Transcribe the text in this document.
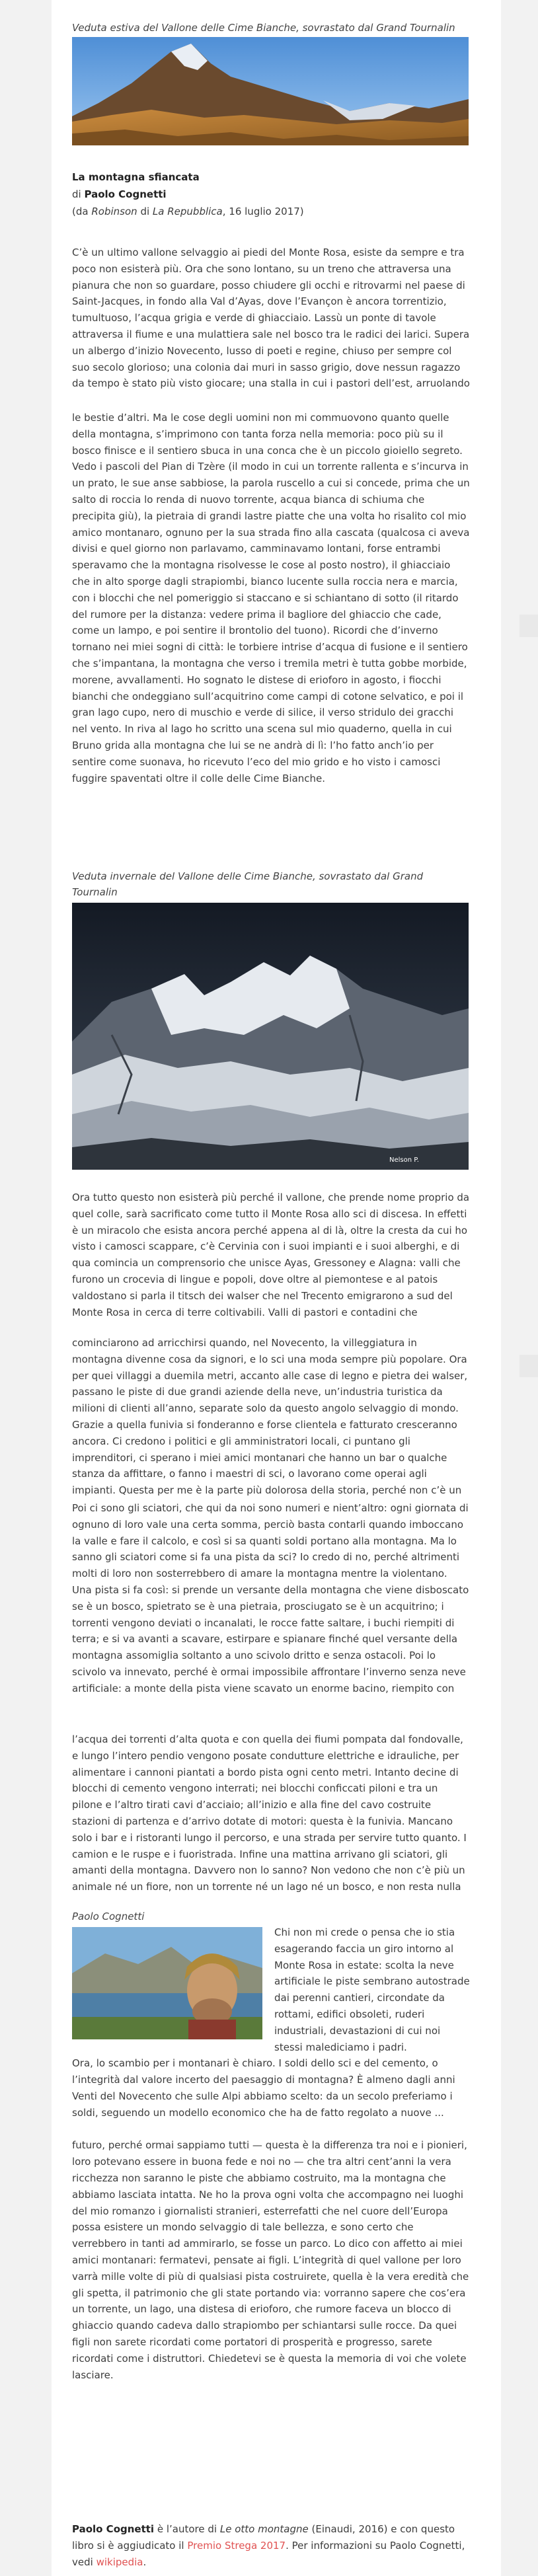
Veduta estiva del Vallone delle Cime Bianche, sovrastato dal Grand Tournalin

La montagna sfiancata
di Paolo Cognetti
(da Robinson di La Repubblica, 16 luglio 2017)

C’è un ultimo vallone selvaggio ai piedi del Monte Rosa, esiste da sempre e tra poco non esisterà più. Ora che sono lontano, su un treno che attraversa una pianura che non so guardare, posso chiudere gli occhi e ritrovarmi nel paese di Saint-Jacques, in fondo alla Val d’Ayas, dove l’Evançon è ancora torrentizio, tumultuoso, l’acqua grigia e verde di ghiacciaio. Lassù un ponte di tavole attraversa il fiume e una mulattiera sale nel bosco tra le radici dei larici. Supera un albergo d’inizio Novecento, lusso di poeti e regine, chiuso per sempre col suo secolo glorioso; una colonia dai muri in sasso grigio, dove nessun ragazzo da tempo è stato più visto giocare; una stalla in cui i pastori dell’est, arruolando

le bestie d’altri. Ma le cose degli uomini non mi commuovono quanto quelle della montagna, s’imprimono con tanta forza nella memoria: poco più su il bosco finisce e il sentiero sbuca in una conca che è un piccolo gioiello segreto. Vedo i pascoli del Pian di Tzère (il modo in cui un torrente rallenta e s’incurva in un prato, le sue anse sabbiose, la parola ruscello a cui si concede, prima che un salto di roccia lo renda di nuovo torrente, acqua bianca di schiuma che precipita giù), la pietraia di grandi lastre piatte che una volta ho risalito col mio amico montanaro, ognuno per la sua strada fino alla cascata (qualcosa ci aveva divisi e quel giorno non parlavamo, camminavamo lontani, forse entrambi speravamo che la montagna risolvesse le cose al posto nostro), il ghiacciaio che in alto sporge dagli strapiombi, bianco lucente sulla roccia nera e marcia, con i blocchi che nel pomeriggio si staccano e si schiantano di sotto (il ritardo del rumore per la distanza: vedere prima il bagliore del ghiaccio che cade, come un lampo, e poi sentire il brontolio del tuono). Ricordi che d’inverno tornano nei miei sogni di città: le torbiere intrise d’acqua di fusione e il sentiero che s’impantana, la montagna che verso i tremila metri è tutta gobbe morbide, morene, avvallamenti. Ho sognato le distese di erioforo in agosto, i fiocchi bianchi che ondeggiano sull’acquitrino come campi di cotone selvatico, e poi il gran lago cupo, nero di muschio e verde di silice, il verso stridulo dei gracchi nel vento. In riva al lago ho scritto una scena sul mio quaderno, quella in cui Bruno grida alla montagna che lui se ne andrà di lì: l’ho fatto anch’io per sentire come suonava, ho ricevuto l’eco del mio grido e ho visto i camosci fuggire spaventati oltre il colle delle Cime Bianche.

Veduta invernale del Vallone delle Cime Bianche, sovrastato dal Grand Tournalin

Nelson P.

Ora tutto questo non esisterà più perché il vallone, che prende nome proprio da quel colle, sarà sacrificato come tutto il Monte Rosa allo sci di discesa. In effetti è un miracolo che esista ancora perché appena al di là, oltre la cresta da cui ho visto i camosci scappare, c’è Cervinia con i suoi impianti e i suoi alberghi, e di qua comincia un comprensorio che unisce Ayas, Gressoney e Alagna: valli che furono un crocevia di lingue e popoli, dove oltre al piemontese e al patois valdostano si parla il titsch dei walser che nel Trecento emigrarono a sud del Monte Rosa in cerca di terre coltivabili. Valli di pastori e contadini che

cominciarono ad arricchirsi quando, nel Novecento, la villeggiatura in montagna divenne cosa da signori, e lo sci una moda sempre più popolare. Ora per quei villaggi a duemila metri, accanto alle case di legno e pietra dei walser, passano le piste di due grandi aziende della neve, un’industria turistica da milioni di clienti all’anno, separate solo da questo angolo selvaggio di mondo. Grazie a quella funivia si fonderanno e forse clientela e fatturato cresceranno ancora. Ci credono i politici e gli amministratori locali, ci puntano gli imprenditori, ci sperano i miei amici montanari che hanno un bar o qualche stanza da affittare, o fanno i maestri di sci, o lavorano come operai agli impianti. Questa per me è la parte più dolorosa della storia, perché non c’è un

Poi ci sono gli sciatori, che qui da noi sono numeri e nient’altro: ogni giornata di ognuno di loro vale una certa somma, perciò basta contarli quando imboccano la valle e fare il calcolo, e così si sa quanti soldi portano alla montagna. Ma lo sanno gli sciatori come si fa una pista da sci? Io credo di no, perché altrimenti molti di loro non sosterrebbero di amare la montagna mentre la violentano. Una pista si fa così: si prende un versante della montagna che viene disboscato se è un bosco, spietrato se è una pietraia, prosciugato se è un acquitrino; i torrenti vengono deviati o incanalati, le rocce fatte saltare, i buchi riempiti di terra; e si va avanti a scavare, estirpare e spianare finché quel versante della montagna assomiglia soltanto a uno scivolo dritto e senza ostacoli. Poi lo scivolo va innevato, perché è ormai impossibile affrontare l’inverno senza neve artificiale: a monte della pista viene scavato un enorme bacino, riempito con

l’acqua dei torrenti d’alta quota e con quella dei fiumi pompata dal fondovalle, e lungo l’intero pendio vengono posate condutture elettriche e idrauliche, per alimentare i cannoni piantati a bordo pista ogni cento metri. Intanto decine di blocchi di cemento vengono interrati; nei blocchi conficcati piloni e tra un pilone e l’altro tirati cavi d’acciaio; all’inizio e alla fine del cavo costruite stazioni di partenza e d’arrivo dotate di motori: questa è la funivia. Mancano solo i bar e i ristoranti lungo il percorso, e una strada per servire tutto quanto. I camion e le ruspe e i fuoristrada. Infine una mattina arrivano gli sciatori, gli amanti della montagna. Davvero non lo sanno? Non vedono che non c’è più un animale né un fiore, non un torrente né un lago né un bosco, e non resta nulla

Paolo Cognetti

Chi non mi crede o pensa che io stia esagerando faccia un giro intorno al Monte Rosa in estate: scolta la neve artificiale le piste sembrano autostrade dai perenni cantieri, circondate da rottami, edifici obsoleti, ruderi industriali, devastazioni di cui noi stessi malediciamo i padri.

Ora, lo scambio per i montanari è chiaro. I soldi dello sci e del cemento, o l’integrità dal valore incerto del paesaggio di montagna? È almeno dagli anni Venti del Novecento che sulle Alpi abbiamo scelto: da un secolo preferiamo i soldi, seguendo un modello economico che ha de fatto regolato a nuove ...

futuro, perché ormai sappiamo tutti — questa è la differenza tra noi e i pionieri, loro potevano essere in buona fede e noi no — che tra altri cent’anni la vera ricchezza non saranno le piste che abbiamo costruito, ma la montagna che abbiamo lasciata intatta. Ne ho la prova ogni volta che accompagno nei luoghi del mio romanzo i giornalisti stranieri, esterrefatti che nel cuore dell’Europa possa esistere un mondo selvaggio di tale bellezza, e sono certo che verrebbero in tanti ad ammirarlo, se fosse un parco. Lo dico con affetto ai miei amici montanari: fermatevi, pensate ai figli. L’integrità di quel vallone per loro varrà mille volte di più di qualsiasi pista costruirete, quella è la vera eredità che gli spetta, il patrimonio che gli state portando via: vorranno sapere che cos’era un torrente, un lago, una distesa di erioforo, che rumore faceva un blocco di ghiaccio quando cadeva dallo strapiombo per schiantarsi sulle rocce. Da quei figli non sarete ricordati come portatori di prosperità e progresso, sarete ricordati come i distruttori. Chiedetevi se è questa la memoria di voi che volete lasciare.

Paolo Cognetti è l’autore di Le otto montagne (Einaudi, 2016) e con questo libro si è aggiudicato il Premio Strega 2017. Per informazioni su Paolo Cognetti, vedi wikipedia.
